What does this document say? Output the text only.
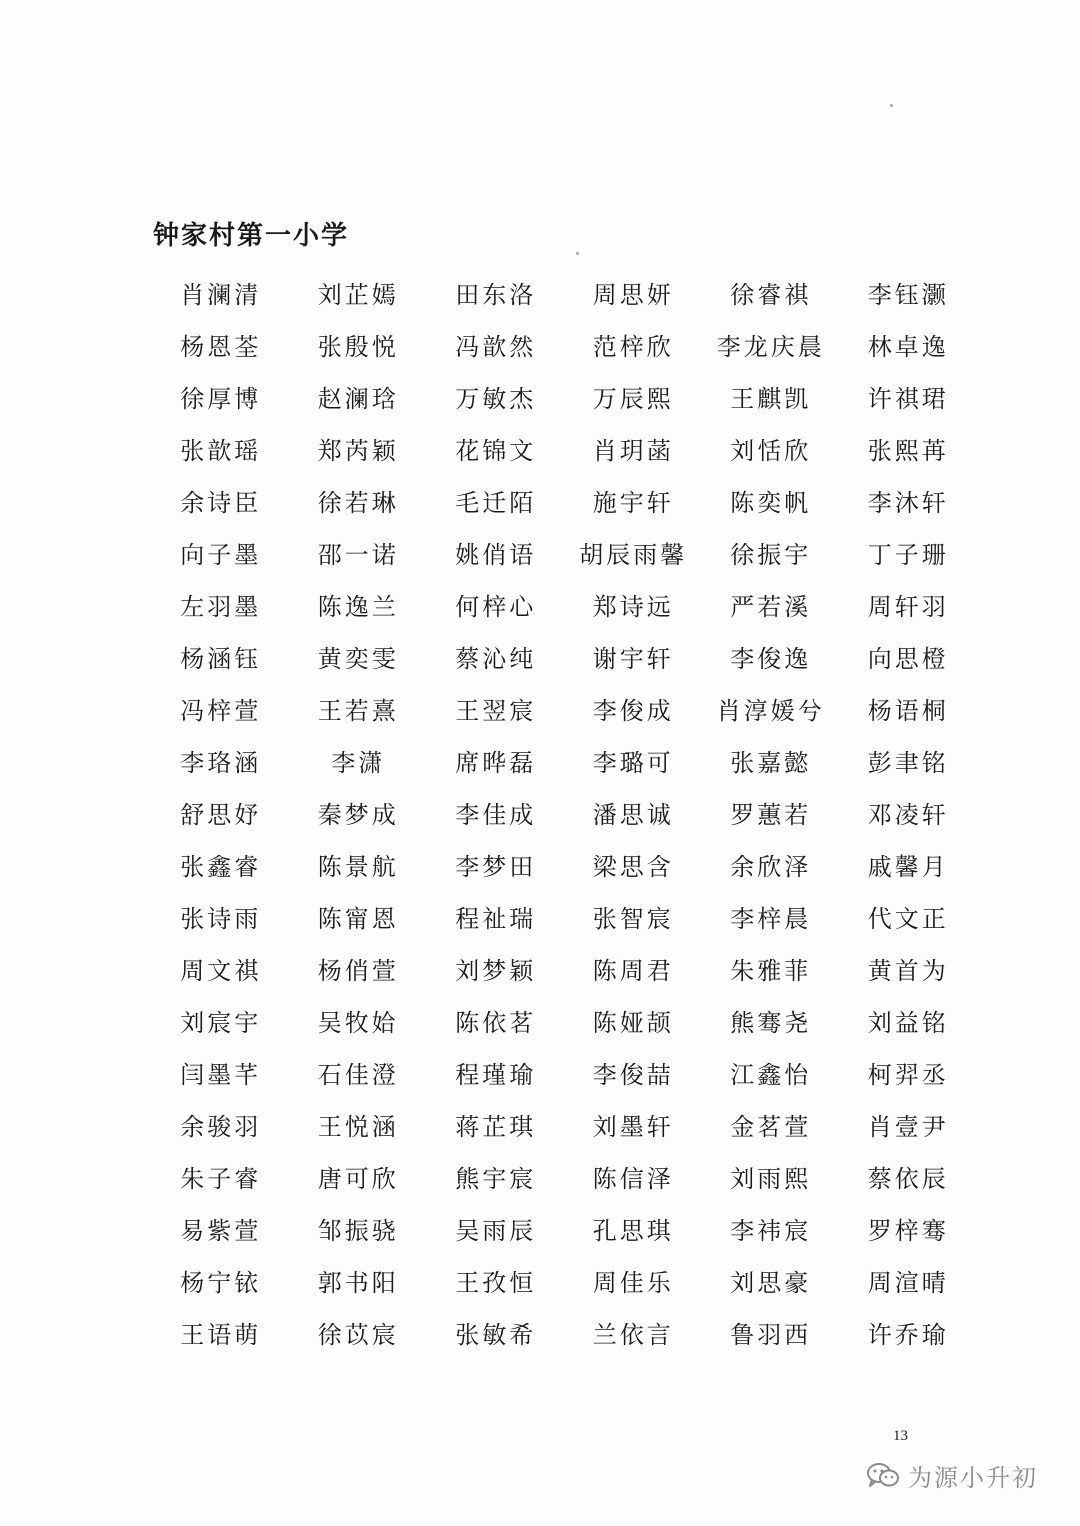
钟家村第一小学
肖澜清	刘芷嫣	田东洛	周思妍	徐睿祺	李钰灏
杨恩荃	张殷悦	冯歆然	范梓欣	李龙庆晨	林卓逸
徐厚博	赵澜琀	万敏杰	万辰熙	王麒凯	许祺珺
张歆瑶	郑芮颖	花锦文	肖玥菡	刘恬欣	张熙苒
余诗臣	徐若琳	毛迁陌	施宇轩	陈奕帆	李沐轩
向子墨	邵一诺	姚俏语	胡辰雨馨	徐振宇	丁子珊
左羽墨	陈逸兰	何梓心	郑诗远	严若溪	周轩羽
杨涵钰	黄奕雯	蔡沁纯	谢宇轩	李俊逸	向思橙
冯梓萱	王若熹	王翌宸	李俊成	肖淳媛兮	杨语桐
李珞涵	李潇	席晔磊	李璐可	张嘉懿	彭聿铭
舒思妤	秦梦成	李佳成	潘思诚	罗蕙若	邓凌轩
张鑫睿	陈景航	李梦田	梁思含	余欣泽	戚馨月
张诗雨	陈甯恩	程祉瑞	张智宸	李梓晨	代文正
周文祺	杨俏萱	刘梦颖	陈周君	朱雅菲	黄首为
刘宸宇	吴牧姶	陈依茗	陈娅颉	熊骞尧	刘益铭
闫墨芊	石佳澄	程瑾瑜	李俊喆	江鑫怡	柯羿丞
余骏羽	王悦涵	蒋芷琪	刘墨轩	金茗萱	肖壹尹
朱子睿	唐可欣	熊宇宸	陈信泽	刘雨熙	蔡依辰
易紫萱	邹振骁	吴雨辰	孔思琪	李祎宸	罗梓骞
杨宁铱	郭书阳	王孜恒	周佳乐	刘思豪	周渲晴
王语萌	徐苡宸	张敏希	兰依言	鲁羽西	许乔瑜
13
为源小升初
